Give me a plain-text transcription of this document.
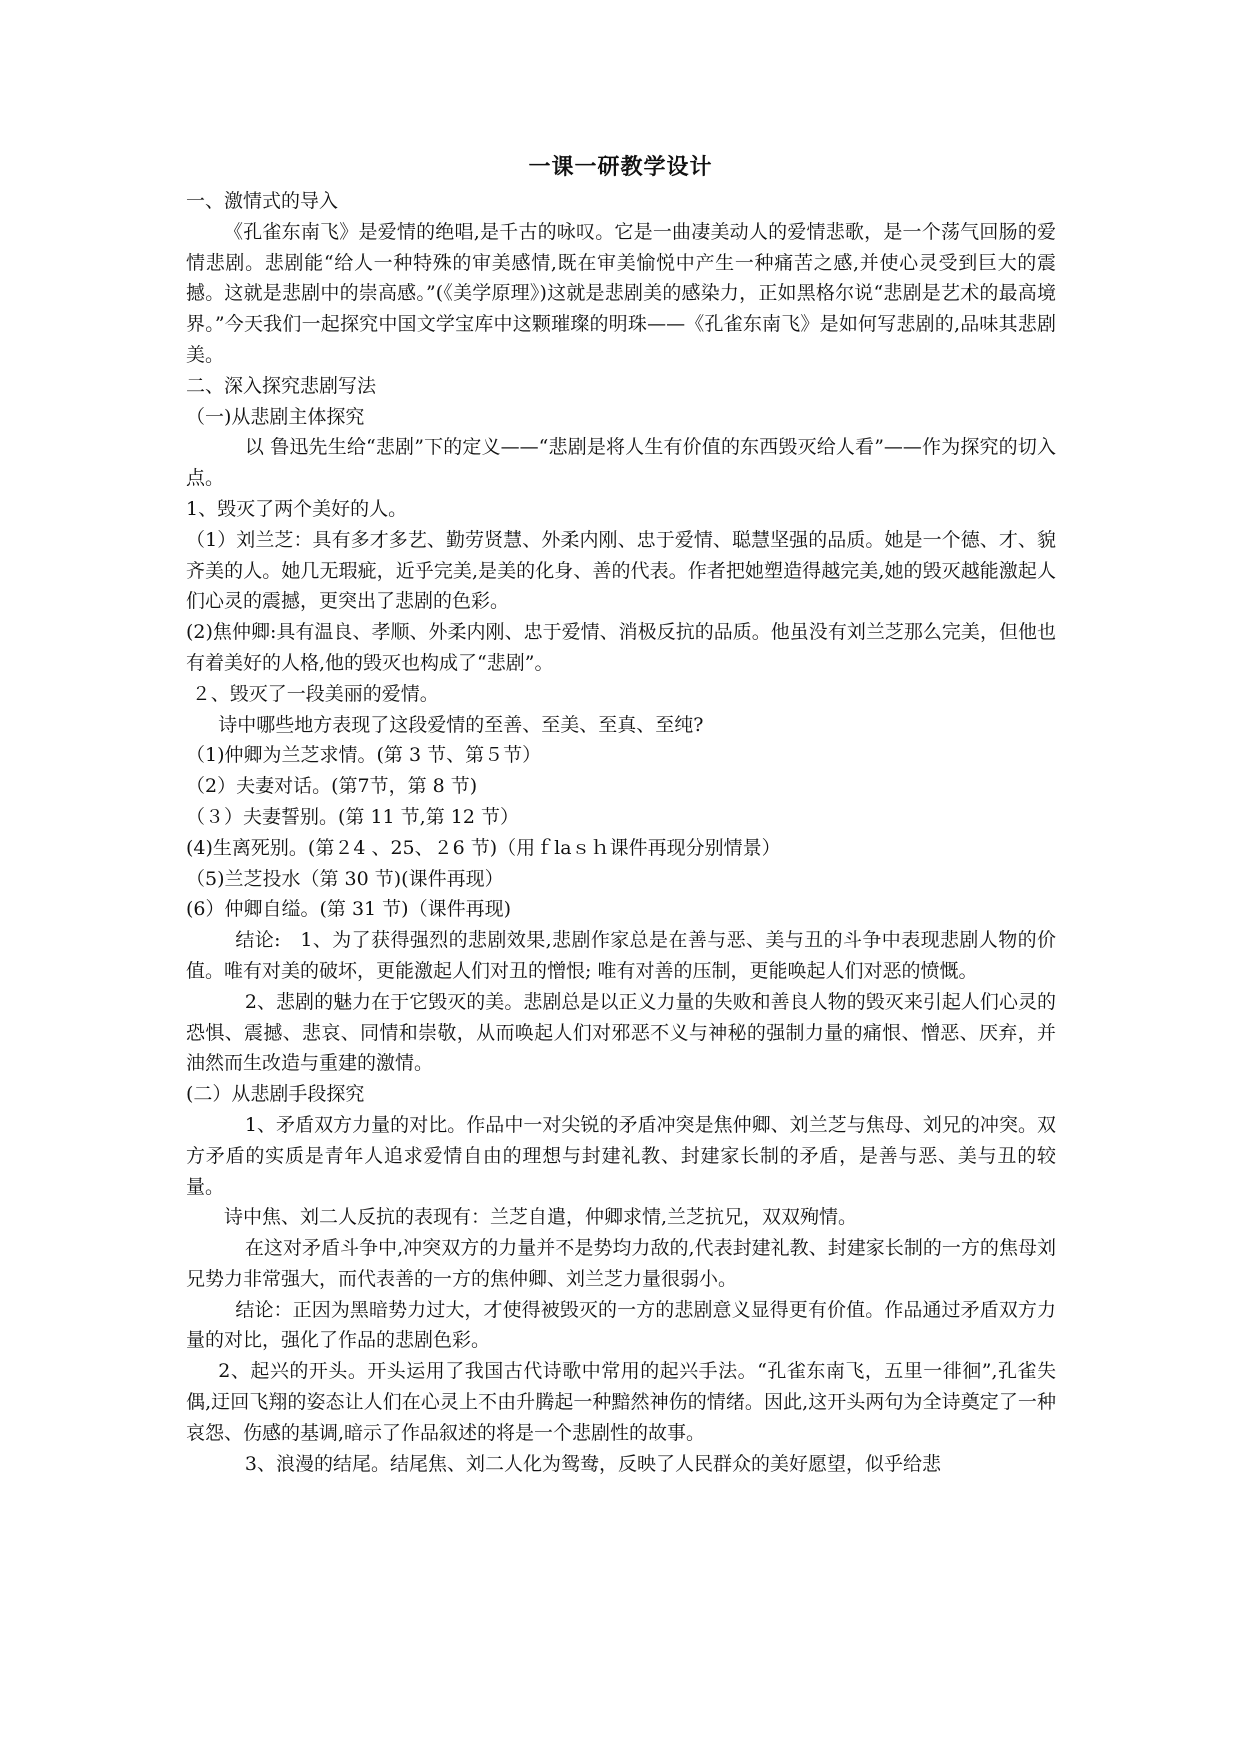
一课一研教学设计

一、激情式的导入

《孔雀东南飞》是爱情的绝唱,是千古的咏叹。它是一曲凄美动人的爱情悲歌，是一个荡气回肠的爱情悲剧。悲剧能“给人一种特殊的审美感情,既在审美愉悦中产生一种痛苦之感,并使心灵受到巨大的震撼。这就是悲剧中的崇高感。”(《美学原理》)这就是悲剧美的感染力，正如黑格尔说“悲剧是艺术的最高境界。”今天我们一起探究中国文学宝库中这颗璀璨的明珠——《孔雀东南飞》是如何写悲剧的,品味其悲剧美。

二、深入探究悲剧写法

（一)从悲剧主体探究

以 鲁迅先生给“悲剧”下的定义——“悲剧是将人生有价值的东西毁灭给人看”——作为探究的切入点。

1、毁灭了两个美好的人。

（1）刘兰芝：具有多才多艺、勤劳贤慧、外柔内刚、忠于爱情、聪慧坚强的品质。她是一个德、才、貌齐美的人。她几无瑕疵，近乎完美,是美的化身、善的代表。作者把她塑造得越完美,她的毁灭越能激起人们心灵的震撼，更突出了悲剧的色彩。

(2)焦仲卿:具有温良、孝顺、外柔内刚、忠于爱情、消极反抗的品质。他虽没有刘兰芝那么完美，但他也有着美好的人格,他的毁灭也构成了“悲剧”。

２、毁灭了一段美丽的爱情。

诗中哪些地方表现了这段爱情的至善、至美、至真、至纯?

（1)仲卿为兰芝求情。(第 3 节、第５节）

（2）夫妻对话。(第7节，第 8 节)

（３）夫妻誓别。(第 11 节,第 12 节）

(4)生离死别。(第２4 、25、２6 节)（用ｆlaｓｈ课件再现分别情景）

（5)兰芝投水（第 30 节)(课件再现）

(6）仲卿自缢。(第 31 节)（课件再现)

结论:　1、为了获得强烈的悲剧效果,悲剧作家总是在善与恶、美与丑的斗争中表现悲剧人物的价值。唯有对美的破坏，更能激起人们对丑的憎恨; 唯有对善的压制，更能唤起人们对恶的愤慨。

2、悲剧的魅力在于它毁灭的美。悲剧总是以正义力量的失败和善良人物的毁灭来引起人们心灵的恐惧、震撼、悲哀、同情和崇敬，从而唤起人们对邪恶不义与神秘的强制力量的痛恨、憎恶、厌弃，并油然而生改造与重建的激情。

(二）从悲剧手段探究

1、矛盾双方力量的对比。作品中一对尖锐的矛盾冲突是焦仲卿、刘兰芝与焦母、刘兄的冲突。双方矛盾的实质是青年人追求爱情自由的理想与封建礼教、封建家长制的矛盾，是善与恶、美与丑的较量。

诗中焦、刘二人反抗的表现有：兰芝自遣，仲卿求情,兰芝抗兄，双双殉情。

在这对矛盾斗争中,冲突双方的力量并不是势均力敌的,代表封建礼教、封建家长制的一方的焦母刘兄势力非常强大，而代表善的一方的焦仲卿、刘兰芝力量很弱小。

结论：正因为黑暗势力过大，才使得被毁灭的一方的悲剧意义显得更有价值。作品通过矛盾双方力量的对比，强化了作品的悲剧色彩。

2、起兴的开头。开头运用了我国古代诗歌中常用的起兴手法。“孔雀东南飞，五里一徘徊”,孔雀失偶,迂回飞翔的姿态让人们在心灵上不由升腾起一种黯然神伤的情绪。因此,这开头两句为全诗奠定了一种哀怨、伤感的基调,暗示了作品叙述的将是一个悲剧性的故事。

3、浪漫的结尾。结尾焦、刘二人化为鸳鸯，反映了人民群众的美好愿望，似乎给悲
